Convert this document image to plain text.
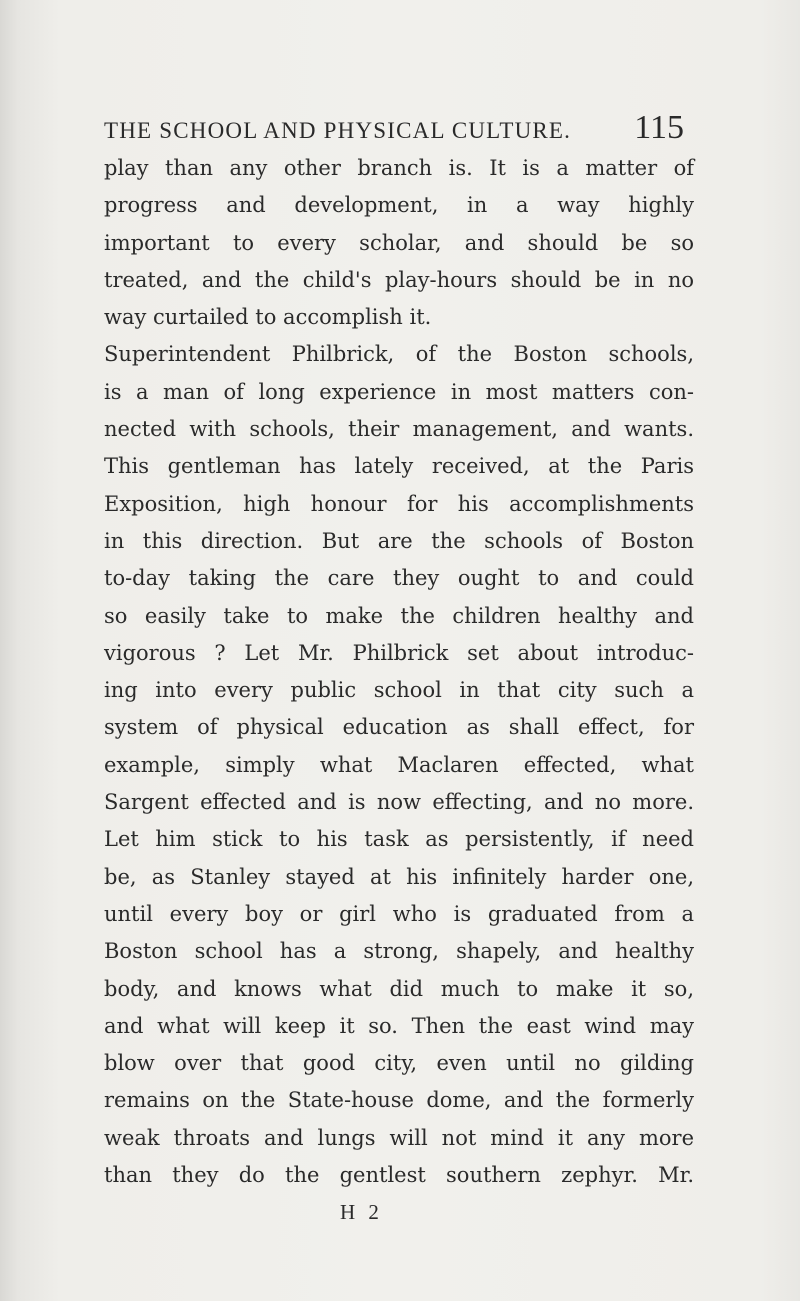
THE SCHOOL AND PHYSICAL CULTURE. 115
play than any other branch is. It is a matter of
progress and development, in a way highly
important to every scholar, and should be so
treated, and the child's play-hours should be in no
way curtailed to accomplish it.
Superintendent Philbrick, of the Boston schools,
is a man of long experience in most matters con-
nected with schools, their management, and wants.
This gentleman has lately received, at the Paris
Exposition, high honour for his accomplishments
in this direction. But are the schools of Boston
to-day taking the care they ought to and could
so easily take to make the children healthy and
vigorous ? Let Mr. Philbrick set about introduc-
ing into every public school in that city such a
system of physical education as shall effect, for
example, simply what Maclaren effected, what
Sargent effected and is now effecting, and no more.
Let him stick to his task as persistently, if need
be, as Stanley stayed at his infinitely harder one,
until every boy or girl who is graduated from a
Boston school has a strong, shapely, and healthy
body, and knows what did much to make it so,
and what will keep it so. Then the east wind may
blow over that good city, even until no gilding
remains on the State-house dome, and the formerly
weak throats and lungs will not mind it any more
than they do the gentlest southern zephyr. Mr.
H 2
